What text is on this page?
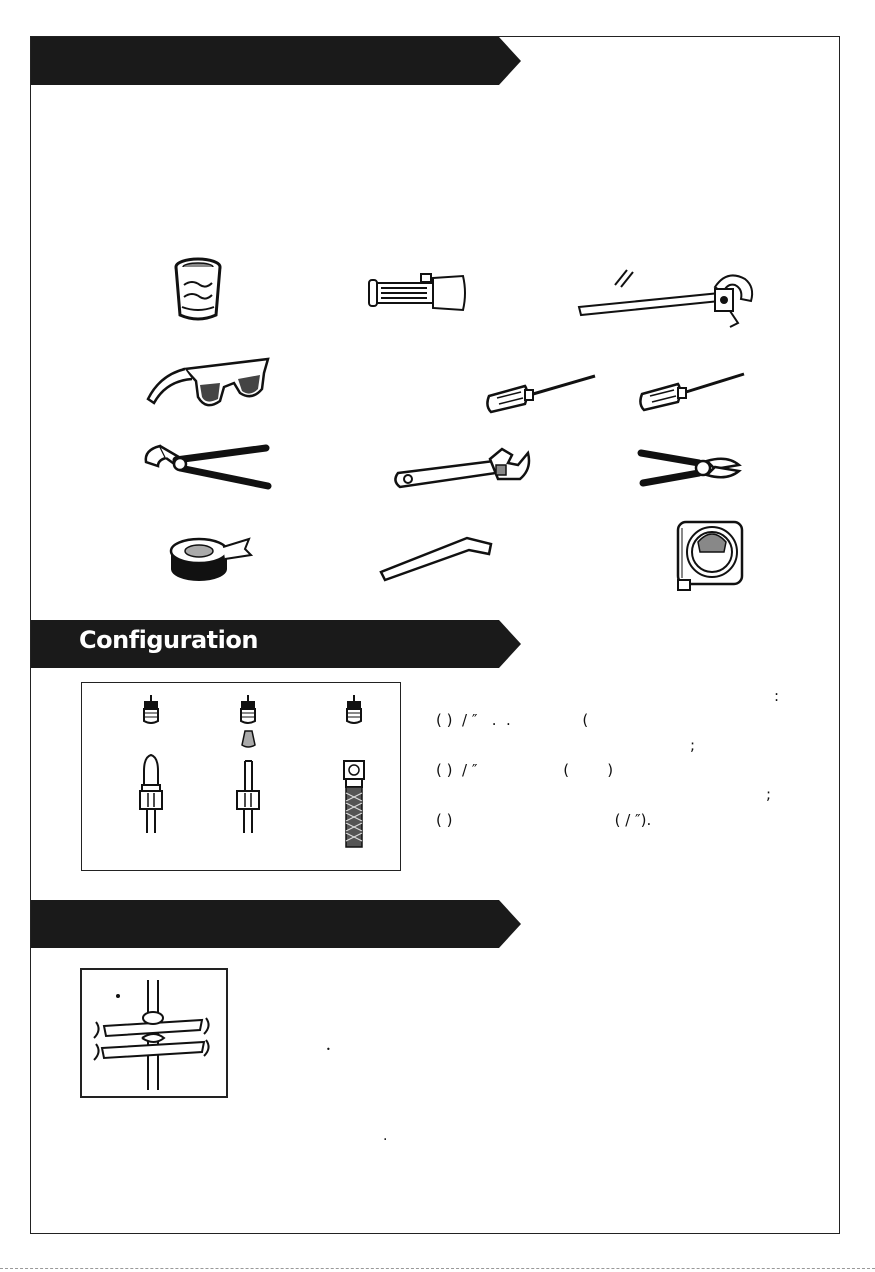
Configuration
:
( )  / ″   .  .               (
;
( )  / ″                  (        )
;
( )                                  ( / ″).
•
.
